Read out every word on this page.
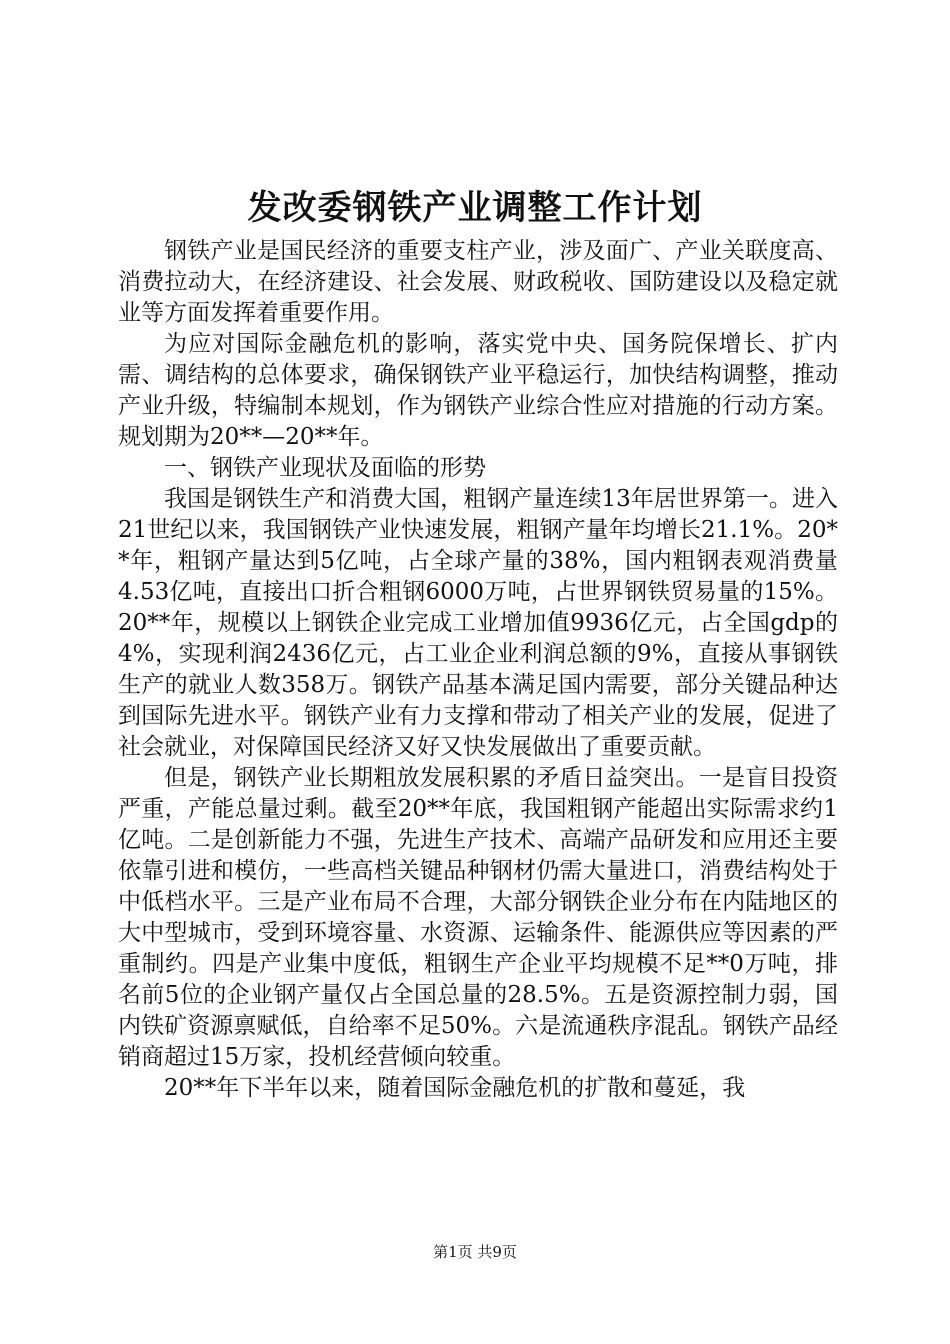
发改委钢铁产业调整工作计划

钢铁产业是国民经济的重要支柱产业，涉及面广、产业关联度高、消费拉动大，在经济建设、社会发展、财政税收、国防建设以及稳定就业等方面发挥着重要作用。

为应对国际金融危机的影响，落实党中央、国务院保增长、扩内需、调结构的总体要求，确保钢铁产业平稳运行，加快结构调整，推动产业升级，特编制本规划，作为钢铁产业综合性应对措施的行动方案。规划期为20**—20**年。

一、钢铁产业现状及面临的形势

我国是钢铁生产和消费大国，粗钢产量连续13年居世界第一。进入21世纪以来，我国钢铁产业快速发展，粗钢产量年均增长21.1%。20**年，粗钢产量达到5亿吨，占全球产量的38%，国内粗钢表观消费量4.53亿吨，直接出口折合粗钢6000万吨，占世界钢铁贸易量的15%。20**年，规模以上钢铁企业完成工业增加值9936亿元，占全国gdp的4%，实现利润2436亿元，占工业企业利润总额的9%，直接从事钢铁生产的就业人数358万。钢铁产品基本满足国内需要，部分关键品种达到国际先进水平。钢铁产业有力支撑和带动了相关产业的发展，促进了社会就业，对保障国民经济又好又快发展做出了重要贡献。

但是，钢铁产业长期粗放发展积累的矛盾日益突出。一是盲目投资严重，产能总量过剩。截至20**年底，我国粗钢产能超出实际需求约1亿吨。二是创新能力不强，先进生产技术、高端产品研发和应用还主要依靠引进和模仿，一些高档关键品种钢材仍需大量进口，消费结构处于中低档水平。三是产业布局不合理，大部分钢铁企业分布在内陆地区的大中型城市，受到环境容量、水资源、运输条件、能源供应等因素的严重制约。四是产业集中度低，粗钢生产企业平均规模不足**0万吨，排名前5位的企业钢产量仅占全国总量的28.5%。五是资源控制力弱，国内铁矿资源禀赋低，自给率不足50%。六是流通秩序混乱。钢铁产品经销商超过15万家，投机经营倾向较重。

20**年下半年以来，随着国际金融危机的扩散和蔓延，我

第1页 共9页
